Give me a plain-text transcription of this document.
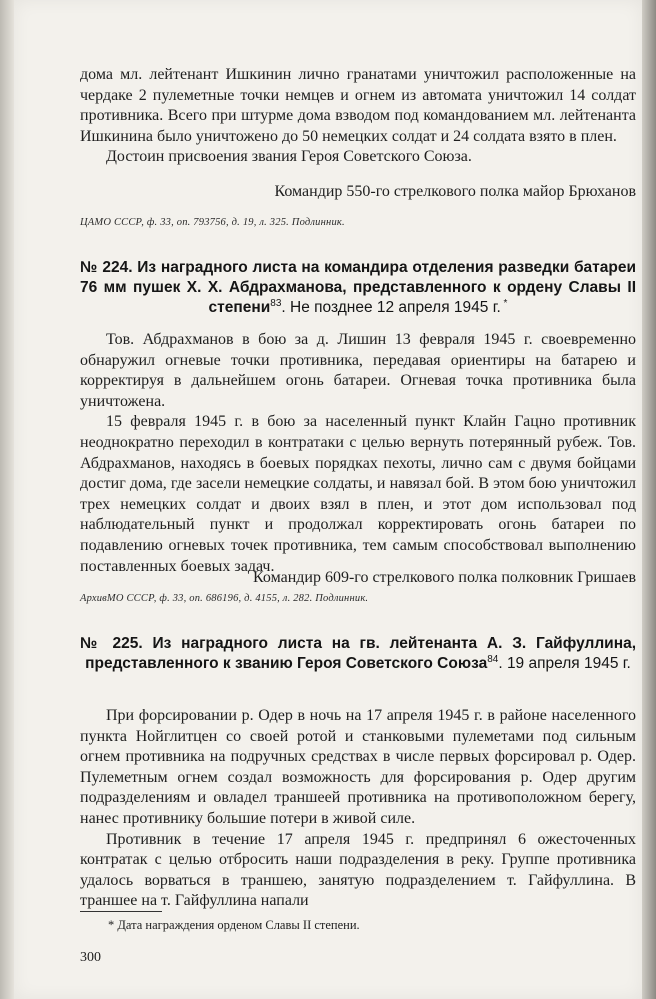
дома мл. лейтенант Ишкинин лично гранатами уничтожил расположенные на чердаке 2 пулеметные точки немцев и огнем из автомата уничтожил 14 солдат противника. Всего при штурме дома взводом под командованием мл. лейтенанта Ишкинина было уничтожено до 50 немецких солдат и 24 солдата взято в плен.

Достоин присвоения звания Героя Советского Союза.

Командир 550-го стрелкового полка майор Брюханов

ЦАМО СССР, ф. 33, оп. 793756, д. 19, л. 325. Подлинник.
№ 224. Из наградного листа на командира отделения разведки батареи 76 мм пушек Х. Х. Абдрахманова, представленного к ордену Славы II степени$^{83}$. Не позднее 12 апреля 1945 г. *

Тов. Абдрахманов в бою за д. Лишин 13 февраля 1945 г. своевременно обнаружил огневые точки противника, передавая ориентиры на батарею и корректируя в дальнейшем огонь батареи. Огневая точка противника была уничтожена.

15 февраля 1945 г. в бою за населенный пункт Клайн Гацно противник неоднократно переходил в контратаки с целью вернуть потерянный рубеж. Тов. Абдрахманов, находясь в боевых порядках пехоты, лично сам с двумя бойцами достиг дома, где засели немецкие солдаты, и навязал бой. В этом бою уничтожил трех немецких солдат и двоих взял в плен, и этот дом использовал под наблюдательный пункт и продолжал корректировать огонь батареи по подавлению огневых точек противника, тем самым способствовал выполнению поставленных боевых задач.

Командир 609-го стрелкового полка полковник Гришаев

АрхивМО СССР, ф. 33, оп. 686196, д. 4155, л. 282. Подлинник.
№ 225. Из наградного листа на гв. лейтенанта А. З. Гайфуллина, представленного к званию Героя Советского Союза$^{84}$. 19 апреля 1945 г.

При форсировании р. Одер в ночь на 17 апреля 1945 г. в районе населенного пункта Нойглитцен со своей ротой и станковыми пулеметами под сильным огнем противника на подручных средствах в числе первых форсировал р. Одер. Пулеметным огнем создал возможность для форсирования р. Одер другим подразделениям и овладел траншеей противника на противоположном берегу, нанес противнику большие потери в живой силе.

Противник в течение 17 апреля 1945 г. предпринял 6 ожесточенных контратак с целью отбросить наши подразделения в реку. Группе противника удалось ворваться в траншею, занятую подразделением т. Гайфуллина. В траншее на т. Гайфуллина напали

* Дата награждения орденом Славы II степени.
300
